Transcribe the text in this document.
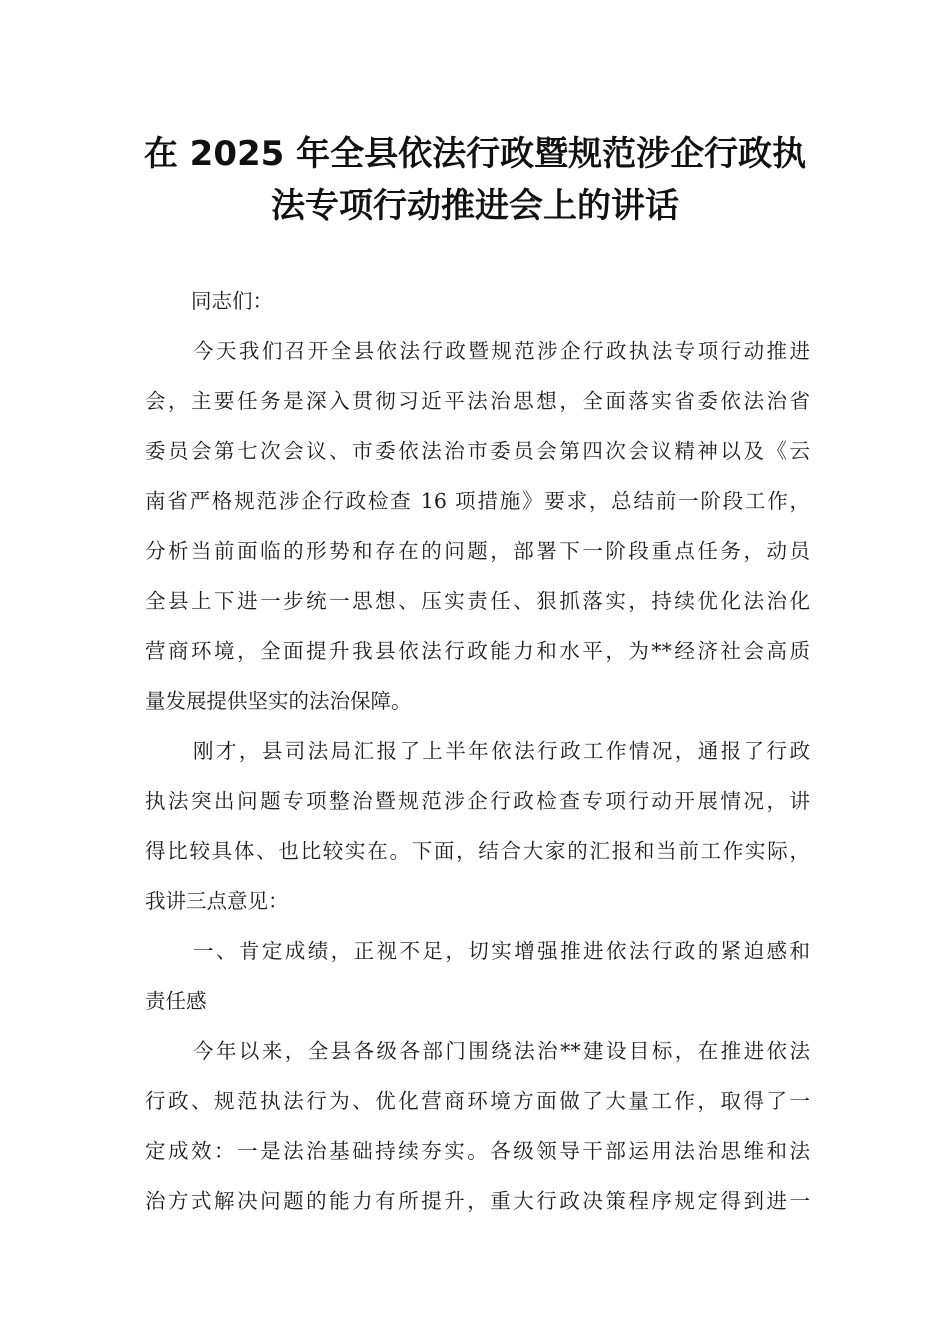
在 2025 年全县依法行政暨规范涉企行政执
法专项行动推进会上的讲话
同志们：
今天我们召开全县依法行政暨规范涉企行政执法专项行动推进
会，主要任务是深入贯彻习近平法治思想，全面落实省委依法治省
委员会第七次会议、市委依法治市委员会第四次会议精神以及《云
南省严格规范涉企行政检查 16 项措施》要求，总结前一阶段工作，
分析当前面临的形势和存在的问题，部署下一阶段重点任务，动员
全县上下进一步统一思想、压实责任、狠抓落实，持续优化法治化
营商环境，全面提升我县依法行政能力和水平，为**经济社会高质
量发展提供坚实的法治保障。
刚才，县司法局汇报了上半年依法行政工作情况，通报了行政
执法突出问题专项整治暨规范涉企行政检查专项行动开展情况，讲
得比较具体、也比较实在。下面，结合大家的汇报和当前工作实际，
我讲三点意见：
一、肯定成绩，正视不足，切实增强推进依法行政的紧迫感和
责任感
今年以来，全县各级各部门围绕法治**建设目标，在推进依法
行政、规范执法行为、优化营商环境方面做了大量工作，取得了一
定成效：一是法治基础持续夯实。各级领导干部运用法治思维和法
治方式解决问题的能力有所提升，重大行政决策程序规定得到进一
